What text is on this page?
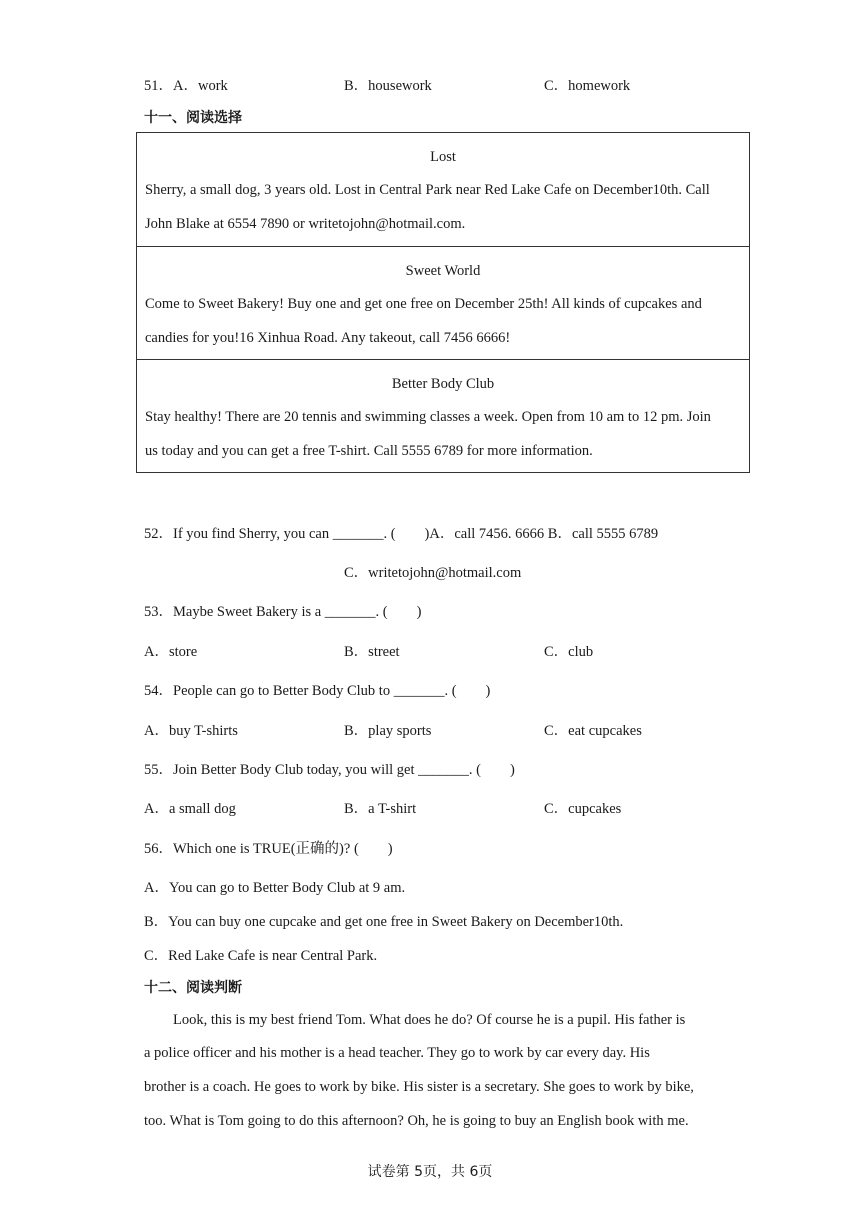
51．A．work	B．housework	C．homework
十一、阅读选择
Lost
Sherry, a small dog, 3 years old. Lost in Central Park near Red Lake Cafe on December10th. Call
John Blake at 6554 7890 or writetojohn@hotmail.com.
Sweet World
Come to Sweet Bakery! Buy one and get one free on December 25th! All kinds of cupcakes and
candies for you!16 Xinhua Road. Any takeout, call 7456 6666!
Better Body Club
Stay healthy! There are 20 tennis and swimming classes a week. Open from 10 am to 12 pm. Join
us today and you can get a free T-shirt. Call 5555 6789 for more information.
52．If you find Sherry, you can _______. (　　)A．call 7456. 6666 B．call 5555 6789
C．writetojohn@hotmail.com
53．Maybe Sweet Bakery is a _______. (　　)
A．store	B．street	C．club
54．People can go to Better Body Club to _______. (　　)
A．buy T-shirts	B．play sports	C．eat cupcakes
55．Join Better Body Club today, you will get _______. (　　)
A．a small dog	B．a T-shirt	C．cupcakes
56．Which one is TRUE(正确的)? (　　)
A．You can go to Better Body Club at 9 am.
B．You can buy one cupcake and get one free in Sweet Bakery on December10th.
C．Red Lake Cafe is near Central Park.
十二、阅读判断
Look, this is my best friend Tom. What does he do? Of course he is a pupil. His father is
a police officer and his mother is a head teacher. They go to work by car every day. His
brother is a coach. He goes to work by bike. His sister is a secretary. She goes to work by bike,
too. What is Tom going to do this afternoon? Oh, he is going to buy an English book with me.
试卷第 5页，共 6页
